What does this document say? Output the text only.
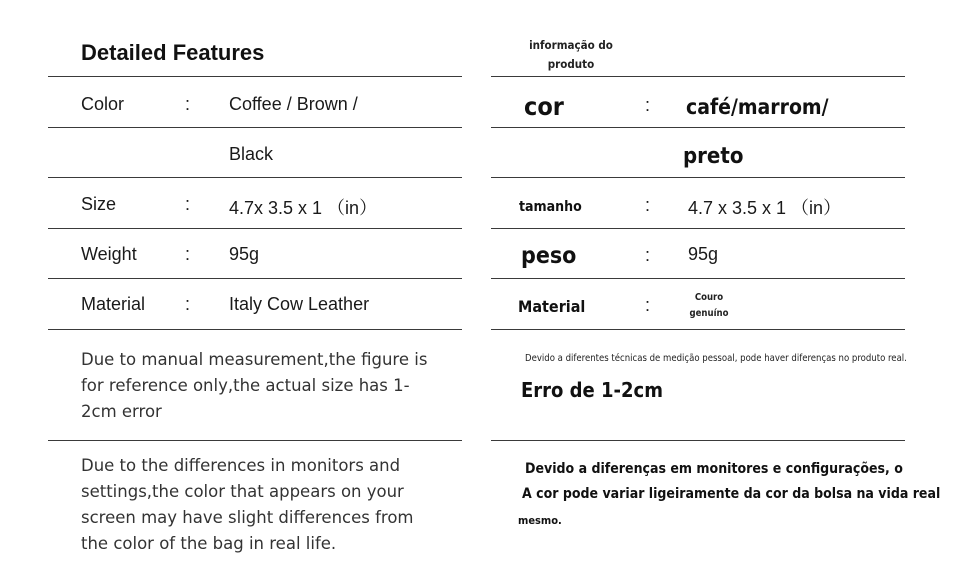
Detailed Features
Color	: Coffee / Brown /
Black
Size	: 4.7x 3.5 x 1 （in）
Weight	: 95g
Material : Italy Cow Leather
Due to manual measurement,the figure is for reference only,the actual size has 1-2cm error
Due to the differences in monitors and settings,the color that appears on your screen may have slight differences from the color of the bag in real life.
informação do
produto
cor	: café/marrom/
preto
tamanho	: 4.7 x 3.5 x 1 （in）
peso	: 95g
Material	:	Couro
genuíno
Devido a diferentes técnicas de medição pessoal, pode haver diferenças no produto real.
Erro de 1-2cm
Devido a diferenças em monitores e configurações, o
A cor pode variar ligeiramente da cor da bolsa na vida real
mesmo.
